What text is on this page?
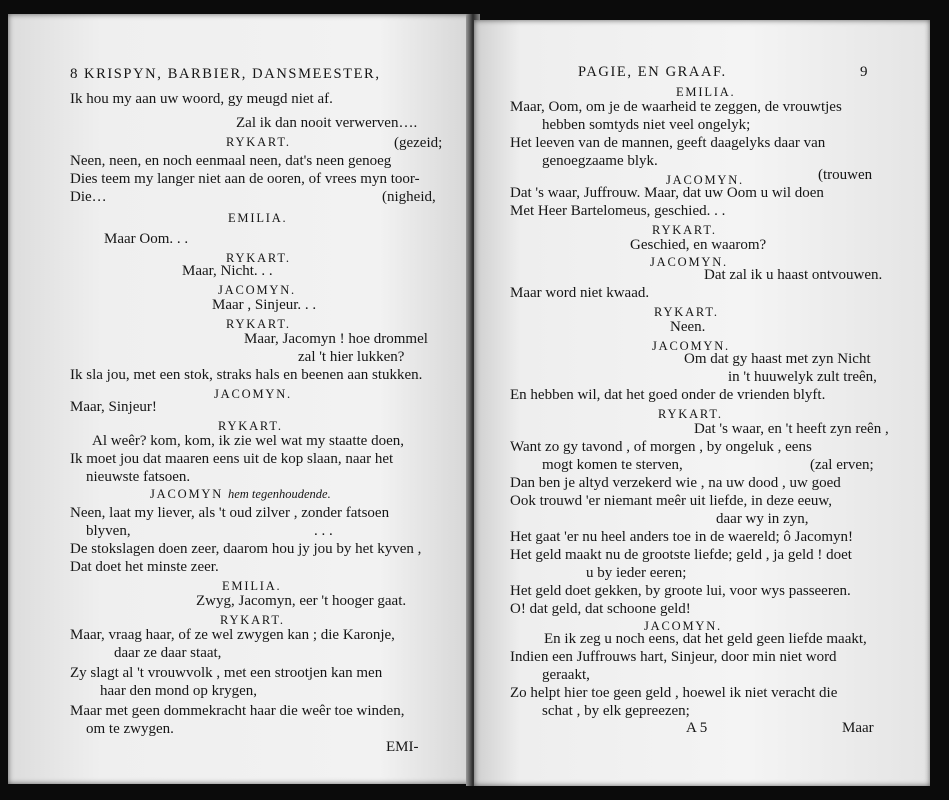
8 KRISPYN, BARBIER, DANSMEESTER,
Ik hou my aan uw woord, gy meugd niet af.
Zal ik dan nooit verwerven….
RYKART.	(gezeid;
Neen, neen, en noch eenmaal neen, dat's neen genoeg
Dies teem my langer niet aan de ooren, of vrees myn toor-
Die…	(nigheid,
EMILIA.
Maar Oom. . .
RYKART.
Maar, Nicht. . .
JACOMYN.
Maar , Sinjeur. . .
RYKART.
Maar, Jacomyn ! hoe drommel
zal 't hier lukken?
Ik sla jou, met een stok, straks hals en beenen aan stukken.
JACOMYN.
Maar, Sinjeur!
RYKART.
Al weêr? kom, kom, ik zie wel wat my staatte doen,
Ik moet jou dat maaren eens uit de kop slaan, naar het
nieuwste fatsoen.
JACOMYN hem tegenhoudende.
Neen, laat my liever, als 't oud zilver , zonder fatsoen
blyven,	. . .
De stokslagen doen zeer, daarom hou jy jou by het kyven ,
Dat doet het minste zeer.
EMILIA.
Zwyg, Jacomyn, eer 't hooger gaat.
RYKART.
Maar, vraag haar, of ze wel zwygen kan ; die Karonje,
daar ze daar staat,
Zy slagt al 't vrouwvolk , met een strootjen kan men
haar den mond op krygen,
Maar met geen dommekracht haar die weêr toe winden,
om te zwygen.
EMI-
PAGIE, EN GRAAF.	9
EMILIA.
Maar, Oom, om je de waarheid te zeggen, de vrouwtjes
hebben somtyds niet veel ongelyk;
Het leeven van de mannen, geeft daagelyks daar van
genoegzaame blyk.
JACOMYN.	(trouwen
Dat 's waar, Juffrouw. Maar, dat uw Oom u wil doen
Met Heer Bartelomeus, geschied. . .
RYKART.
Geschied, en waarom?
JACOMYN.
Dat zal ik u haast ontvouwen.
Maar word niet kwaad.
RYKART.
Neen.
JACOMYN.
Om dat gy haast met zyn Nicht
in 't huuwelyk zult treên,
En hebben wil, dat het goed onder de vrienden blyft.
RYKART.
Dat 's waar, en 't heeft zyn reên ,
Want zo gy tavond , of morgen , by ongeluk , eens
mogt komen te sterven,	(zal erven;
Dan ben je altyd verzekerd wie , na uw dood , uw goed
Ook trouwd 'er niemant meêr uit liefde, in deze eeuw,
daar wy in zyn,
Het gaat 'er nu heel anders toe in de waereld; ô Jacomyn!
Het geld maakt nu de grootste liefde; geld , ja geld ! doet
u by ieder eeren;
Het geld doet gekken, by groote lui, voor wys passeeren.
O! dat geld, dat schoone geld!
JACOMYN.
En ik zeg u noch eens, dat het geld geen liefde maakt,
Indien een Juffrouws hart, Sinjeur, door min niet word
geraakt,
Zo helpt hier toe geen geld , hoewel ik niet veracht die
schat , by elk gepreezen;
A 5	Maar
